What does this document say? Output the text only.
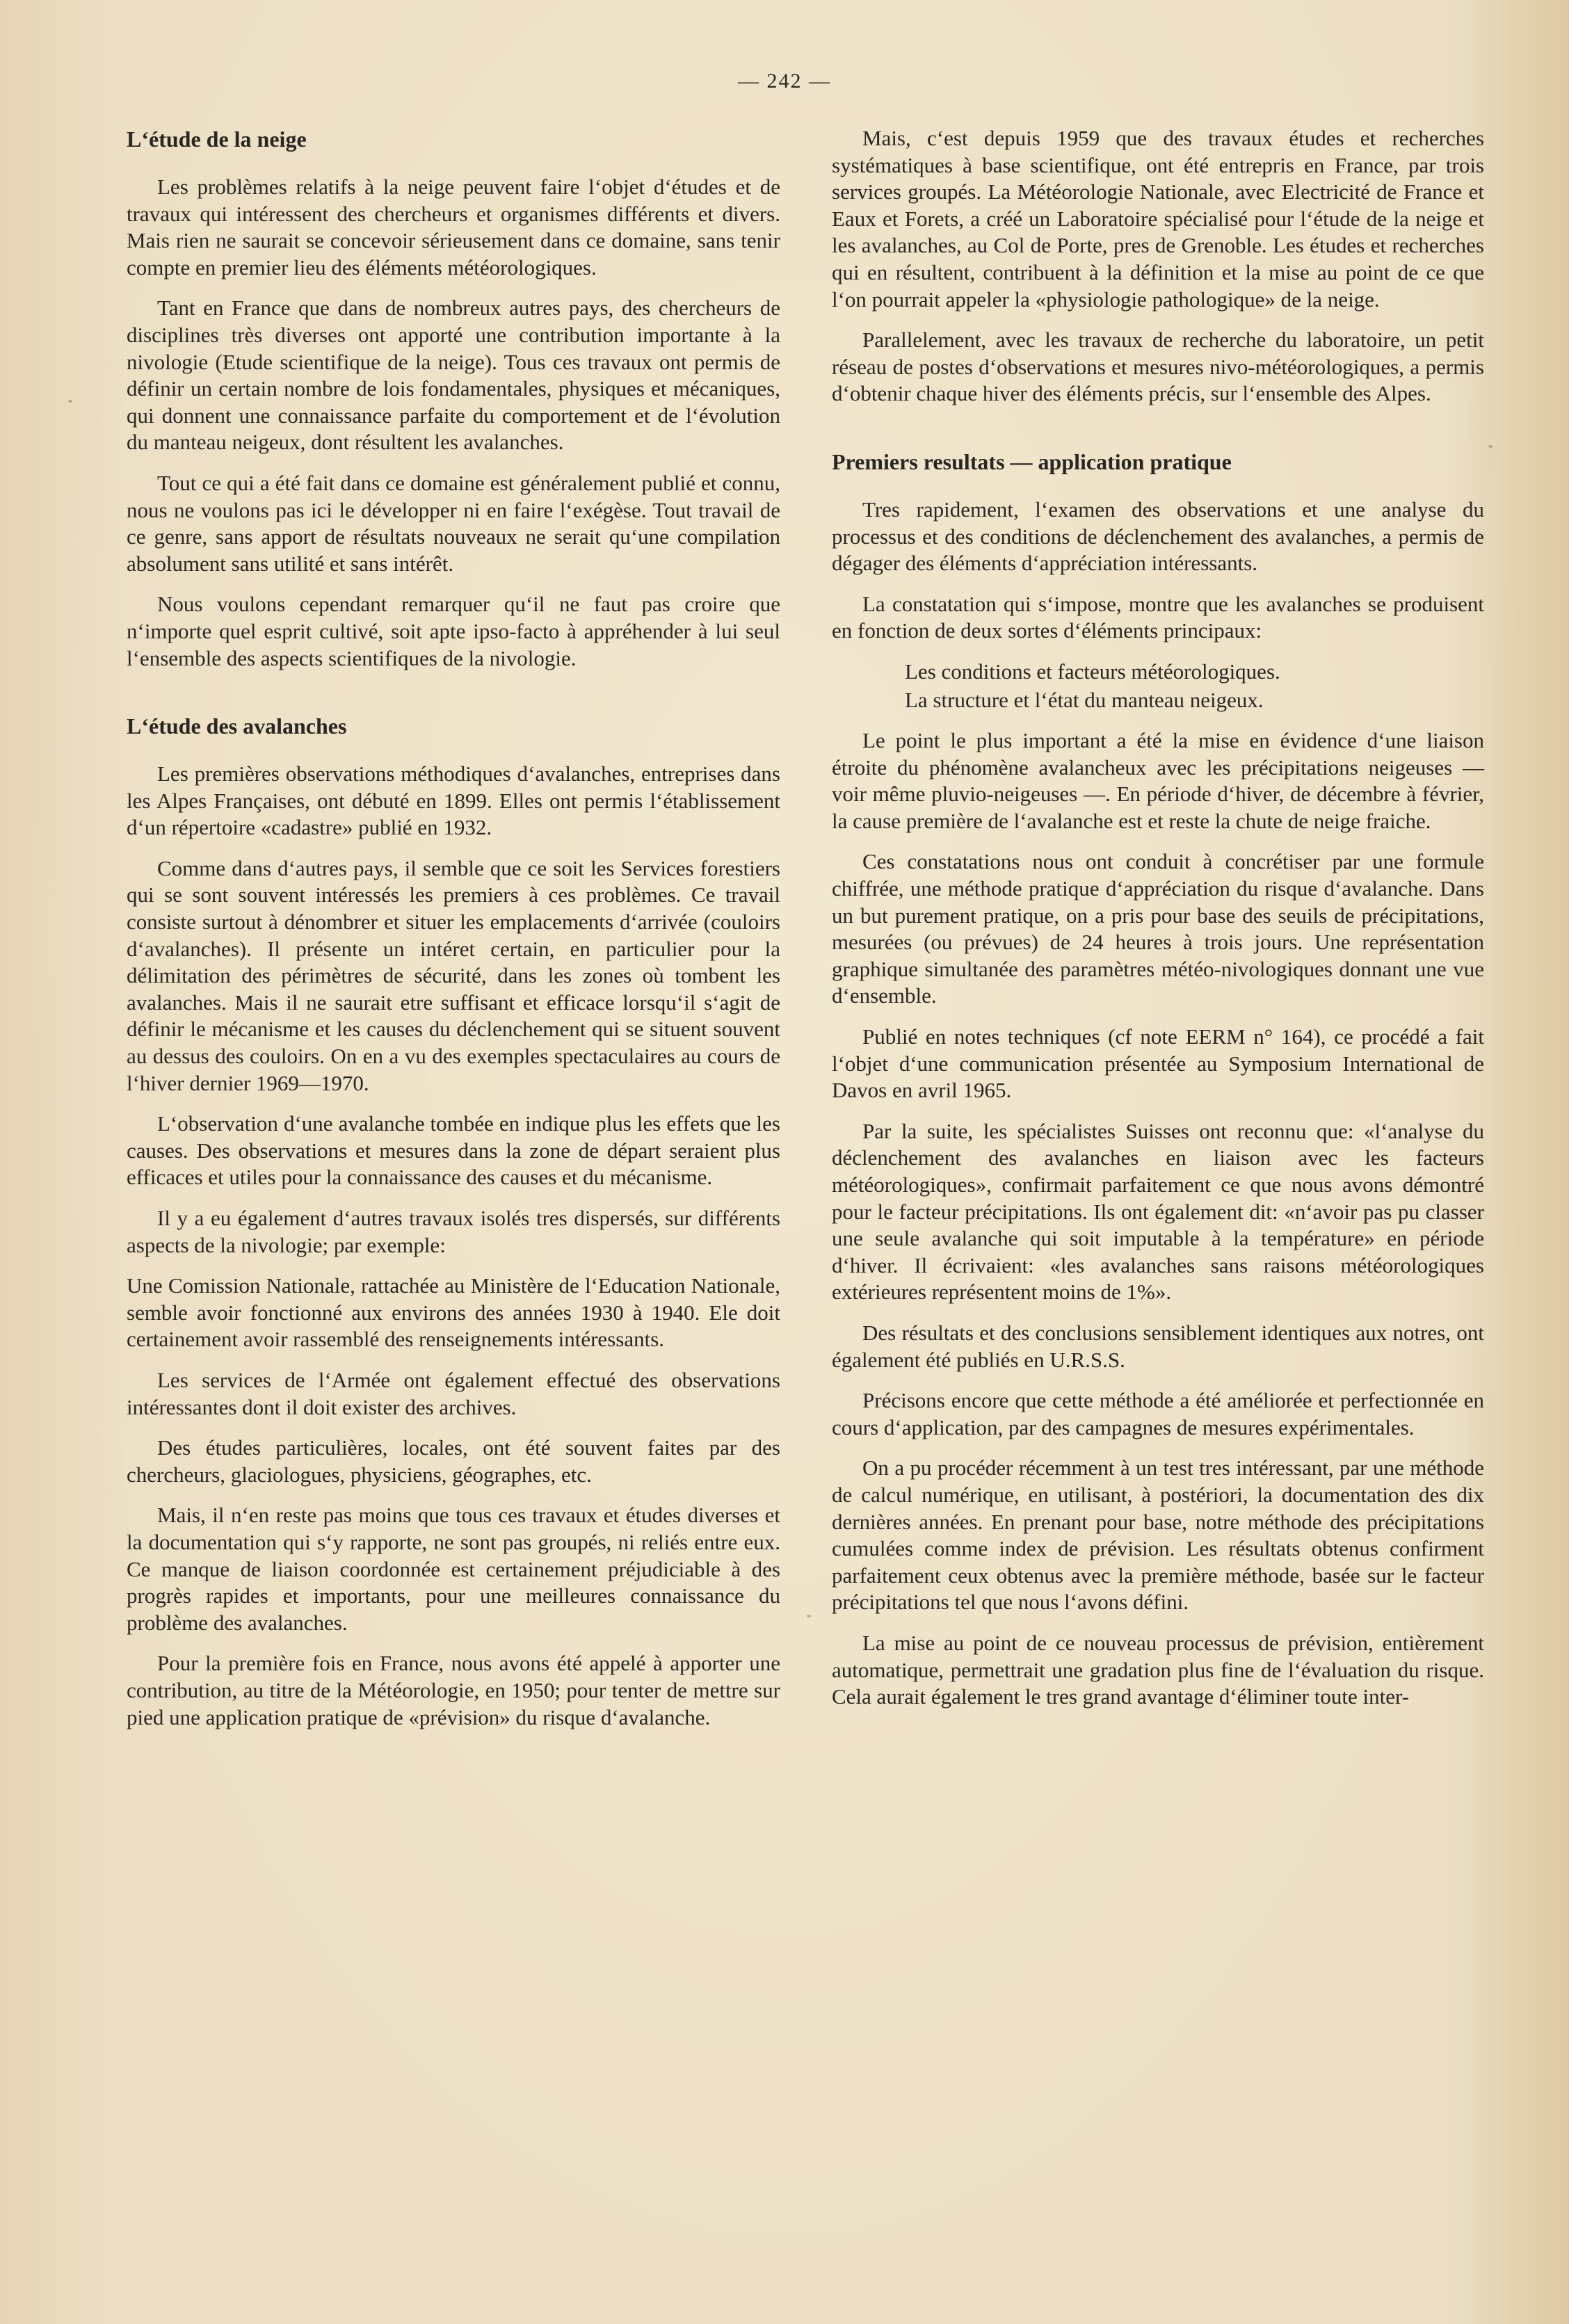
— 242 —
L‘étude de la neige

Les problèmes relatifs à la neige peuvent faire l‘objet d‘études et de travaux qui intéressent des chercheurs et organismes différents et divers. Mais rien ne saurait se concevoir sérieusement dans ce domaine, sans tenir compte en premier lieu des éléments météorologiques.

Tant en France que dans de nombreux autres pays, des chercheurs de disciplines très diverses ont apporté une contribution importante à la nivologie (Etude scientifique de la neige). Tous ces travaux ont permis de définir un certain nombre de lois fondamentales, physiques et mécaniques, qui donnent une connaissance parfaite du comportement et de l‘évolution du manteau neigeux, dont résultent les avalanches.

Tout ce qui a été fait dans ce domaine est généralement publié et connu, nous ne voulons pas ici le développer ni en faire l‘exégèse. Tout travail de ce genre, sans apport de résultats nouveaux ne serait qu‘une compilation absolument sans utilité et sans intérêt.

Nous voulons cependant remarquer qu‘il ne faut pas croire que n‘importe quel esprit cultivé, soit apte ipso-facto à appréhender à lui seul l‘ensemble des aspects scientifiques de la nivologie.

L‘étude des avalanches

Les premières observations méthodiques d‘avalanches, entreprises dans les Alpes Françaises, ont débuté en 1899. Elles ont permis l‘établissement d‘un répertoire «cadastre» publié en 1932.

Comme dans d‘autres pays, il semble que ce soit les Services forestiers qui se sont souvent intéressés les premiers à ces problèmes. Ce travail consiste surtout à dénombrer et situer les emplacements d‘arrivée (couloirs d‘avalanches). Il présente un intéret certain, en particulier pour la délimitation des périmètres de sécurité, dans les zones où tombent les avalanches. Mais il ne saurait etre suffisant et efficace lorsqu‘il s‘agit de définir le mécanisme et les causes du déclenchement qui se situent souvent au dessus des couloirs. On en a vu des exemples spectaculaires au cours de l‘hiver dernier 1969—1970.

L‘observation d‘une avalanche tombée en indique plus les effets que les causes. Des observations et mesures dans la zone de départ seraient plus efficaces et utiles pour la connaissance des causes et du mécanisme.

Il y a eu également d‘autres travaux isolés tres dispersés, sur différents aspects de la nivologie; par exemple:

Une Comission Nationale, rattachée au Ministère de l‘Education Nationale, semble avoir fonctionné aux environs des années 1930 à 1940. Ele doit certainement avoir rassemblé des renseignements intéressants.

Les services de l‘Armée ont également effectué des observations intéressantes dont il doit exister des archives.

Des études particulières, locales, ont été souvent faites par des chercheurs, glaciologues, physiciens, géographes, etc.

Mais, il n‘en reste pas moins que tous ces travaux et études diverses et la documentation qui s‘y rapporte, ne sont pas groupés, ni reliés entre eux. Ce manque de liaison coordonnée est certainement préjudiciable à des progrès rapides et importants, pour une meilleures connaissance du problème des avalanches.

Pour la première fois en France, nous avons été appelé à apporter une contribution, au titre de la Météorologie, en 1950; pour tenter de mettre sur pied une application pratique de «prévision» du risque d‘avalanche.

Mais, c‘est depuis 1959 que des travaux études et recherches systématiques à base scientifique, ont été entrepris en France, par trois services groupés. La Météorologie Nationale, avec Electricité de France et Eaux et Forets, a créé un Laboratoire spécialisé pour l‘étude de la neige et les avalanches, au Col de Porte, pres de Grenoble. Les études et recherches qui en résultent, contribuent à la définition et la mise au point de ce que l‘on pourrait appeler la «physiologie pathologique» de la neige.

Parallelement, avec les travaux de recherche du laboratoire, un petit réseau de postes d‘observations et mesures nivo-météorologiques, a permis d‘obtenir chaque hiver des éléments précis, sur l‘ensemble des Alpes.

Premiers resultats — application pratique

Tres rapidement, l‘examen des observations et une analyse du processus et des conditions de déclenchement des avalanches, a permis de dégager des éléments d‘appréciation intéressants.

La constatation qui s‘impose, montre que les avalanches se produisent en fonction de deux sortes d‘éléments principaux:

Les conditions et facteurs météorologiques.

La structure et l‘état du manteau neigeux.

Le point le plus important a été la mise en évidence d‘une liaison étroite du phénomène avalancheux avec les précipitations neigeuses — voir même pluvio-neigeuses —. En période d‘hiver, de décembre à février, la cause première de l‘avalanche est et reste la chute de neige fraiche.

Ces constatations nous ont conduit à concrétiser par une formule chiffrée, une méthode pratique d‘appréciation du risque d‘avalanche. Dans un but purement pratique, on a pris pour base des seuils de précipitations, mesurées (ou prévues) de 24 heures à trois jours. Une représentation graphique simultanée des paramètres météo-nivologiques donnant une vue d‘ensemble.

Publié en notes techniques (cf note EERM n° 164), ce procédé a fait l‘objet d‘une communication présentée au Symposium International de Davos en avril 1965.

Par la suite, les spécialistes Suisses ont reconnu que: «l‘analyse du déclenchement des avalanches en liaison avec les facteurs météorologiques», confirmait parfaitement ce que nous avons démontré pour le facteur précipitations. Ils ont également dit: «n‘avoir pas pu classer une seule avalanche qui soit imputable à la température» en période d‘hiver. Il écrivaient: «les avalanches sans raisons météorologiques extérieures représentent moins de 1%».

Des résultats et des conclusions sensiblement identiques aux notres, ont également été publiés en U.R.S.S.

Précisons encore que cette méthode a été améliorée et perfectionnée en cours d‘application, par des campagnes de mesures expérimentales.

On a pu procéder récemment à un test tres intéressant, par une méthode de calcul numérique, en utilisant, à postériori, la documentation des dix dernières années. En prenant pour base, notre méthode des précipitations cumulées comme index de prévision. Les résultats obtenus confirment parfaitement ceux obtenus avec la première méthode, basée sur le facteur précipitations tel que nous l‘avons défini.

La mise au point de ce nouveau processus de prévision, entièrement automatique, permettrait une gradation plus fine de l‘évaluation du risque. Cela aurait également le tres grand avantage d‘éliminer toute inter-
